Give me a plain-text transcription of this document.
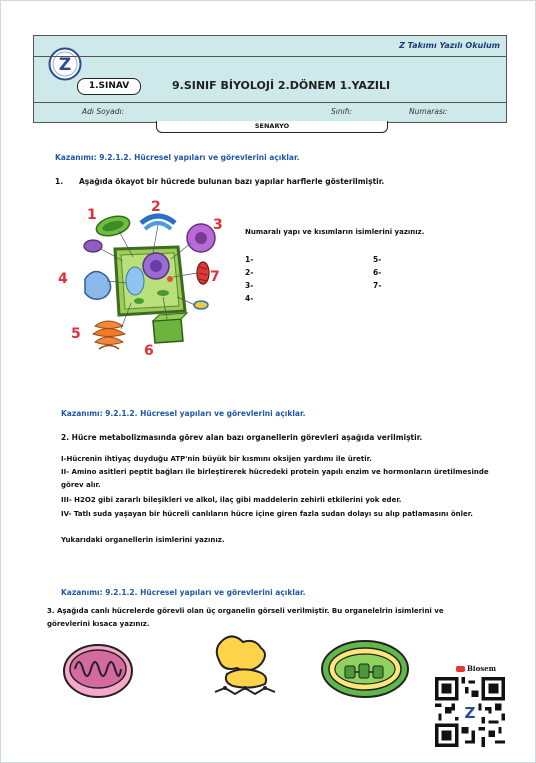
Z Takımı Yazılı Okulum
Z
1.SINAV	9.SINIF BİYOLOJİ 2.DÖNEM 1.YAZILI
Adı Soyadı:	Sınıfı:	Numarası:
SENARYO
Kazanımı: 9.2.1.2. Hücresel yapıları ve görevlerini açıklar.
1. Aşağıda ökayot bir hücrede bulunan bazı yapılar harflerle gösterilmiştir.
1	2
3
4
5
6
7
Numaralı yapı ve kısımların isimlerini yazınız.
1-
2-
3-
4-
5-
6-
7-
Kazanımı: 9.2.1.2. Hücresel yapıları ve görevlerini açıklar.
2. Hücre metabolizmasında görev alan bazı organellerin görevleri aşağıda verilmiştir.
I-Hücrenin ihtiyaç duyduğu ATP'nin büyük bir kısmını oksijen yardımı ile üretir.
II- Amino asitleri peptit bağları ile birleştirerek hücredeki protein yapılı enzim ve hormonların üretilmesinde
görev alır.
III- H2O2 gibi zararlı bileşikleri ve alkol, ilaç gibi maddelerin zehirli etkilerini yok eder.
IV- Tatlı suda yaşayan bir hücreli canlıların hücre içine giren fazla sudan dolayı su alıp patlamasını önler.
Yukarıdaki organellerin isimlerini yazınız.
Kazanımı: 9.2.1.2. Hücresel yapıları ve görevlerini açıklar.
3. Aşağıda canlı hücrelerde görevli olan üç organelin görseli verilmiştir. Bu organelelrin isimlerini ve
görevlerini kısaca yazınız.
Biosem
Z
